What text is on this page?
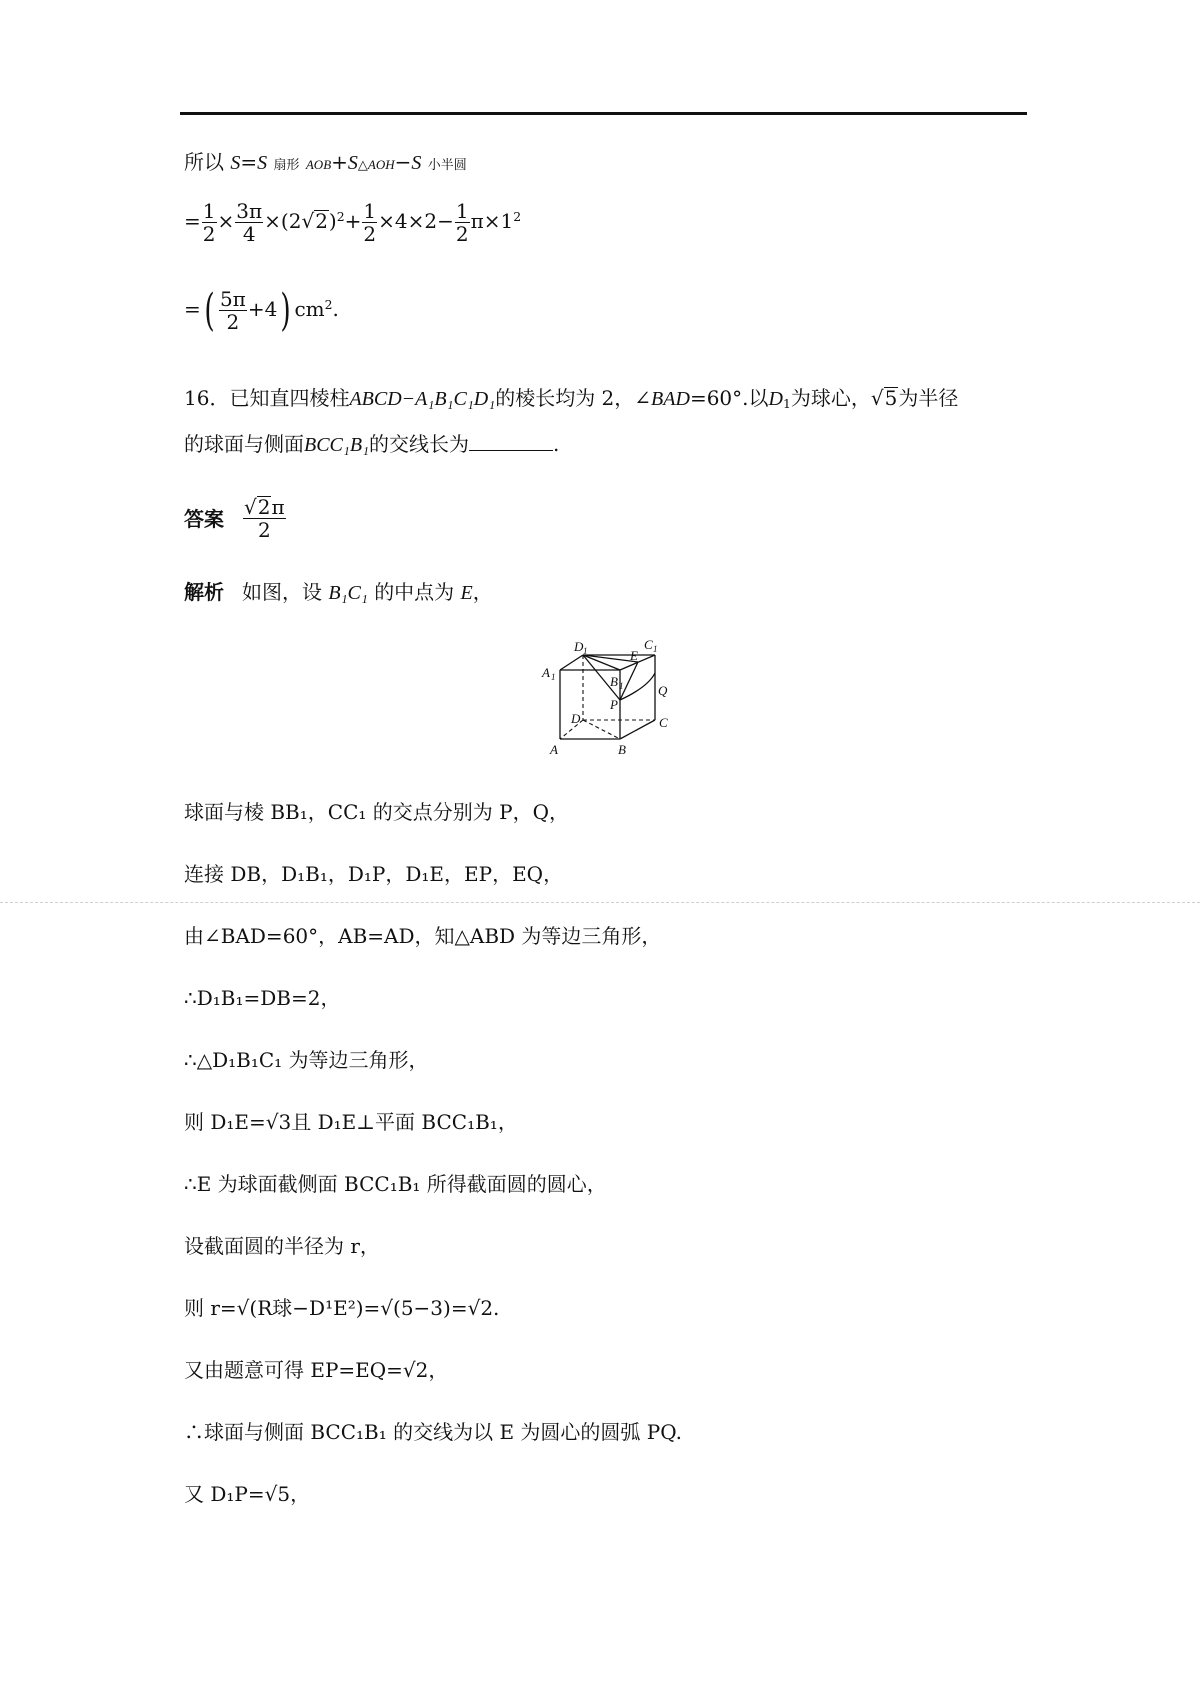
所以 S=S 扇形 AOB+S△AOH−S 小半圆
= $\frac{1}{2} \times \frac{3\pi}{4} \times(2√2)^2+ \frac{1}{2} \times 4\times 2- \frac{1}{2} \pi\times 1^2$
=( $\frac{5\pi}{2} +4$) $cm^2$.
16．已知直四棱柱ABCD−A₁B₁C₁D₁的棱长均为 2，∠BAD=60°.以$D_1$为球心，√5为半径
的球面与侧面BCC₁B₁的交线长为	.
答案 $\frac{√2\pi}{2}$
解析 如图，设 B₁C₁ 的中点为 E，
D 1	C 1
E
A 1	B 1	Q
P
D	C
A	B
球面与棱 BB₁，CC₁ 的交点分别为 P，Q，
连接 DB，D₁B₁，D₁P，D₁E，EP，EQ，
由∠BAD=60°，AB=AD，知△ABD 为等边三角形，
∴D₁B₁=DB=2，
∴△D₁B₁C₁ 为等边三角形，
则 D₁E=√3且 D₁E⊥平面 BCC₁B₁，
∴E 为球面截侧面 BCC₁B₁ 所得截面圆的圆心，
设截面圆的半径为 r，
则 r=√(R球−D¹E²)=√(5−3)=√2.
又由题意可得 EP=EQ=√2，
∴球面与侧面 BCC₁B₁ 的交线为以 E 为圆心的圆弧 PQ.
又 D₁P=√5，
